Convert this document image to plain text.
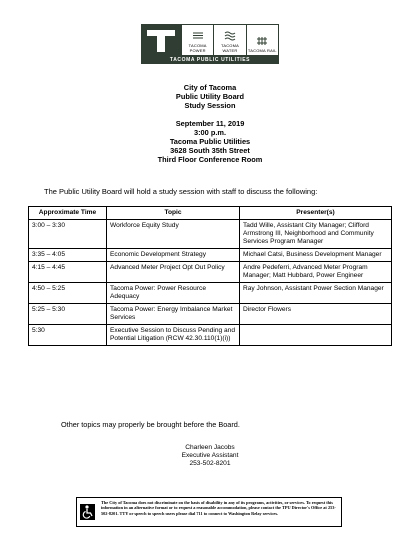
TACOMA POWER
TACOMA WATER	TACOMA RAIL
TACOMA PUBLIC UTILITIES
City of Tacoma
Public Utility Board
Study Session
September 11, 2019
3:00 p.m.
Tacoma Public Utilities
3628 South 35th Street
Third Floor Conference Room
The Public Utility Board will hold a study session with staff to discuss the following:
Approximate Time	Topic	Presenter(s)
3:00 – 3:30	Workforce Equity Study	Tadd Wille, Assistant City Manager; Clifford Armstrong III, Neighborhood and Community Services Program Manager
3:35 – 4:05	Economic Development Strategy	Michael Catsi, Business Development Manager
4:15 – 4:45	Advanced Meter Project Opt Out Policy	Andre Pedeferri, Advanced Meter Program Manager; Matt Hubbard, Power Engineer
4:50 – 5:25	Tacoma Power: Power Resource Adequacy	Ray Johnson, Assistant Power Section Manager
5:25 – 5:30	Tacoma Power: Energy Imbalance Market Services	Director Flowers
5:30	Executive Session to Discuss Pending and Potential Litigation (RCW 42.30.110(1)(i))	
Other topics may properly be brought before the Board.
Charleen Jacobs
Executive Assistant
253-502-8201
The City of Tacoma does not discriminate on the basis of disability in any of its programs, activities, or services. To request this information in an alternative format or to request a reasonable accommodation, please contact the TPU Director's Office at 253-502-8201. TTY or speech to speech users please dial 711 to connect to Washington Relay services.
